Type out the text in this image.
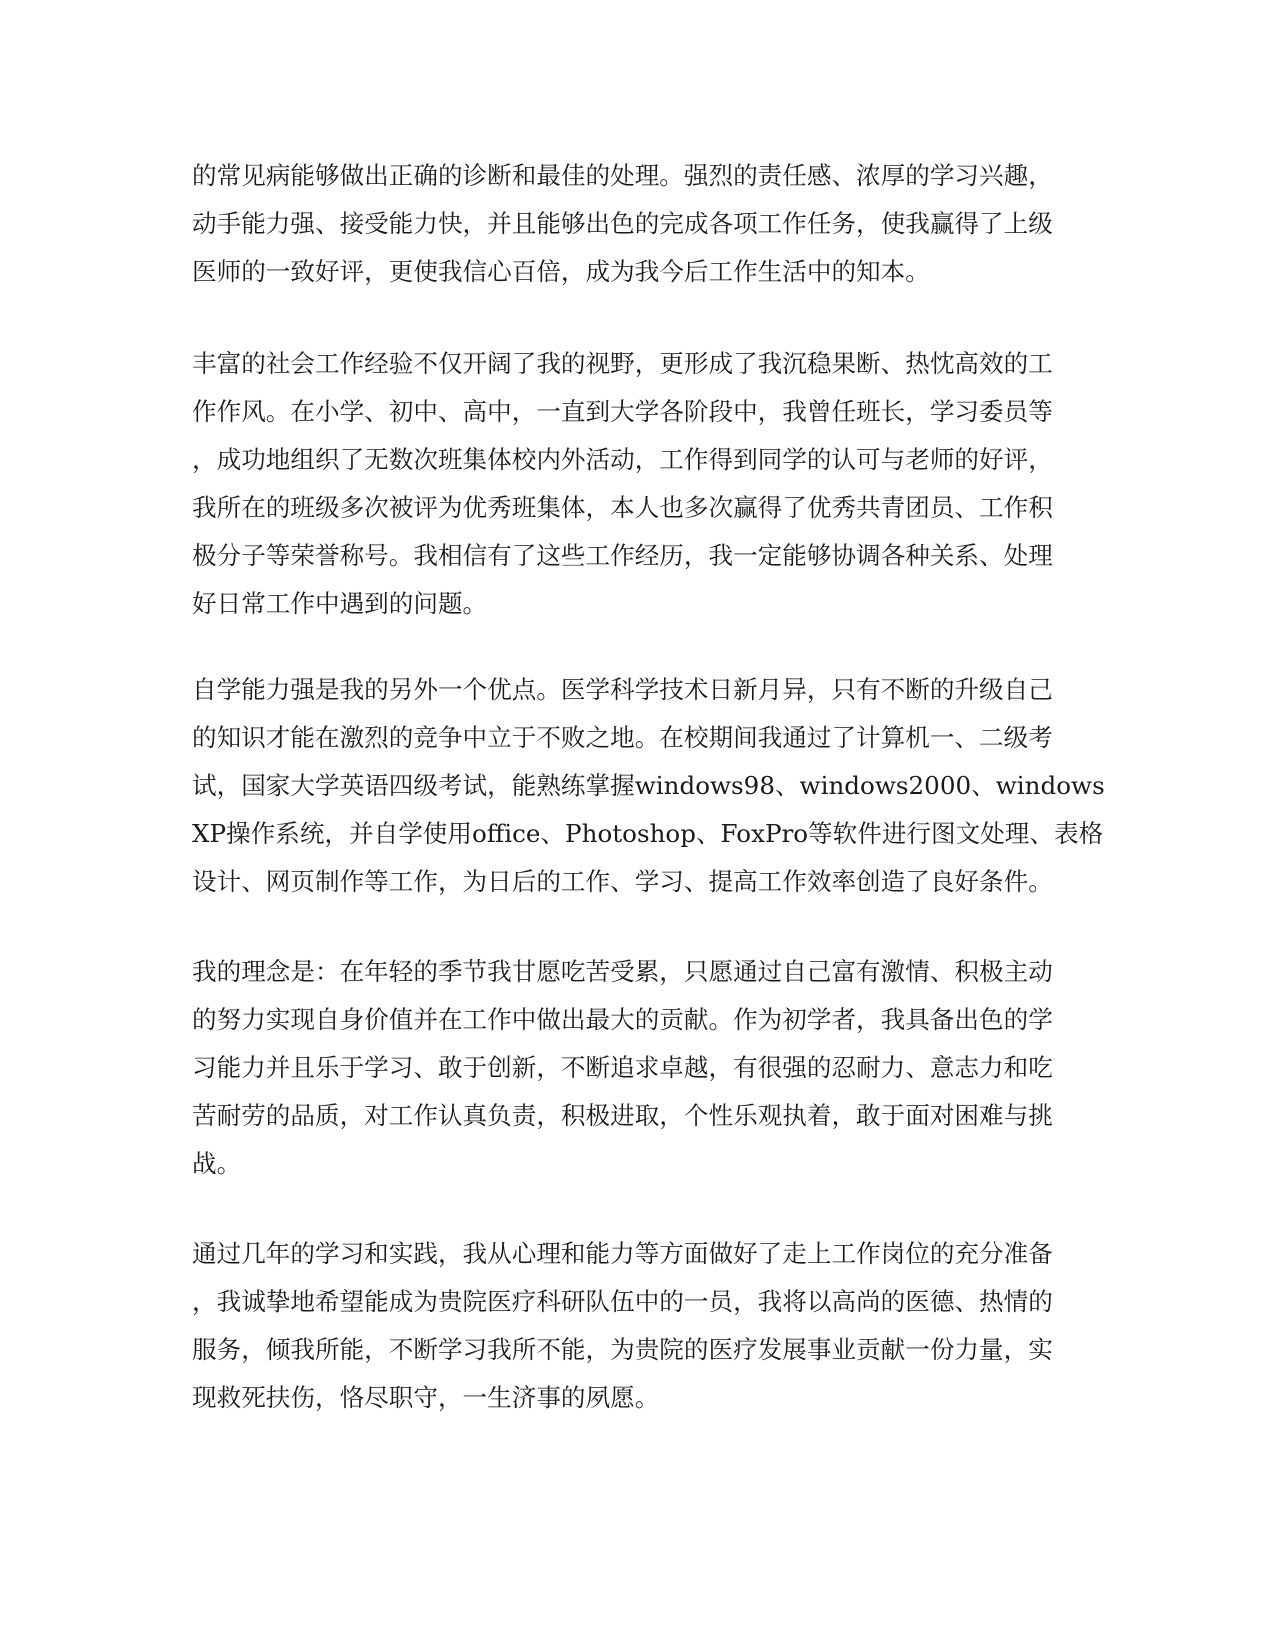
的常见病能够做出正确的诊断和最佳的处理。强烈的责任感、浓厚的学习兴趣，
动手能力强、接受能力快，并且能够出色的完成各项工作任务，使我赢得了上级
医师的一致好评，更使我信心百倍，成为我今后工作生活中的知本。
丰富的社会工作经验不仅开阔了我的视野，更形成了我沉稳果断、热忱高效的工
作作风。在小学、初中、高中，一直到大学各阶段中，我曾任班长，学习委员等
，成功地组织了无数次班集体校内外活动，工作得到同学的认可与老师的好评，
我所在的班级多次被评为优秀班集体，本人也多次赢得了优秀共青团员、工作积
极分子等荣誉称号。我相信有了这些工作经历，我一定能够协调各种关系、处理
好日常工作中遇到的问题。
自学能力强是我的另外一个优点。医学科学技术日新月异，只有不断的升级自己
的知识才能在激烈的竞争中立于不败之地。在校期间我通过了计算机一、二级考
试，国家大学英语四级考试，能熟练掌握windows98、windows2000、windows
XP操作系统，并自学使用office、Photoshop、FoxPro等软件进行图文处理、表格
设计、网页制作等工作，为日后的工作、学习、提高工作效率创造了良好条件。
我的理念是：在年轻的季节我甘愿吃苦受累，只愿通过自己富有激情、积极主动
的努力实现自身价值并在工作中做出最大的贡献。作为初学者，我具备出色的学
习能力并且乐于学习、敢于创新，不断追求卓越，有很强的忍耐力、意志力和吃
苦耐劳的品质，对工作认真负责，积极进取，个性乐观执着，敢于面对困难与挑
战。
通过几年的学习和实践，我从心理和能力等方面做好了走上工作岗位的充分准备
，我诚挚地希望能成为贵院医疗科研队伍中的一员，我将以高尚的医德、热情的
服务，倾我所能，不断学习我所不能，为贵院的医疗发展事业贡献一份力量，实
现救死扶伤，恪尽职守，一生济事的夙愿。
